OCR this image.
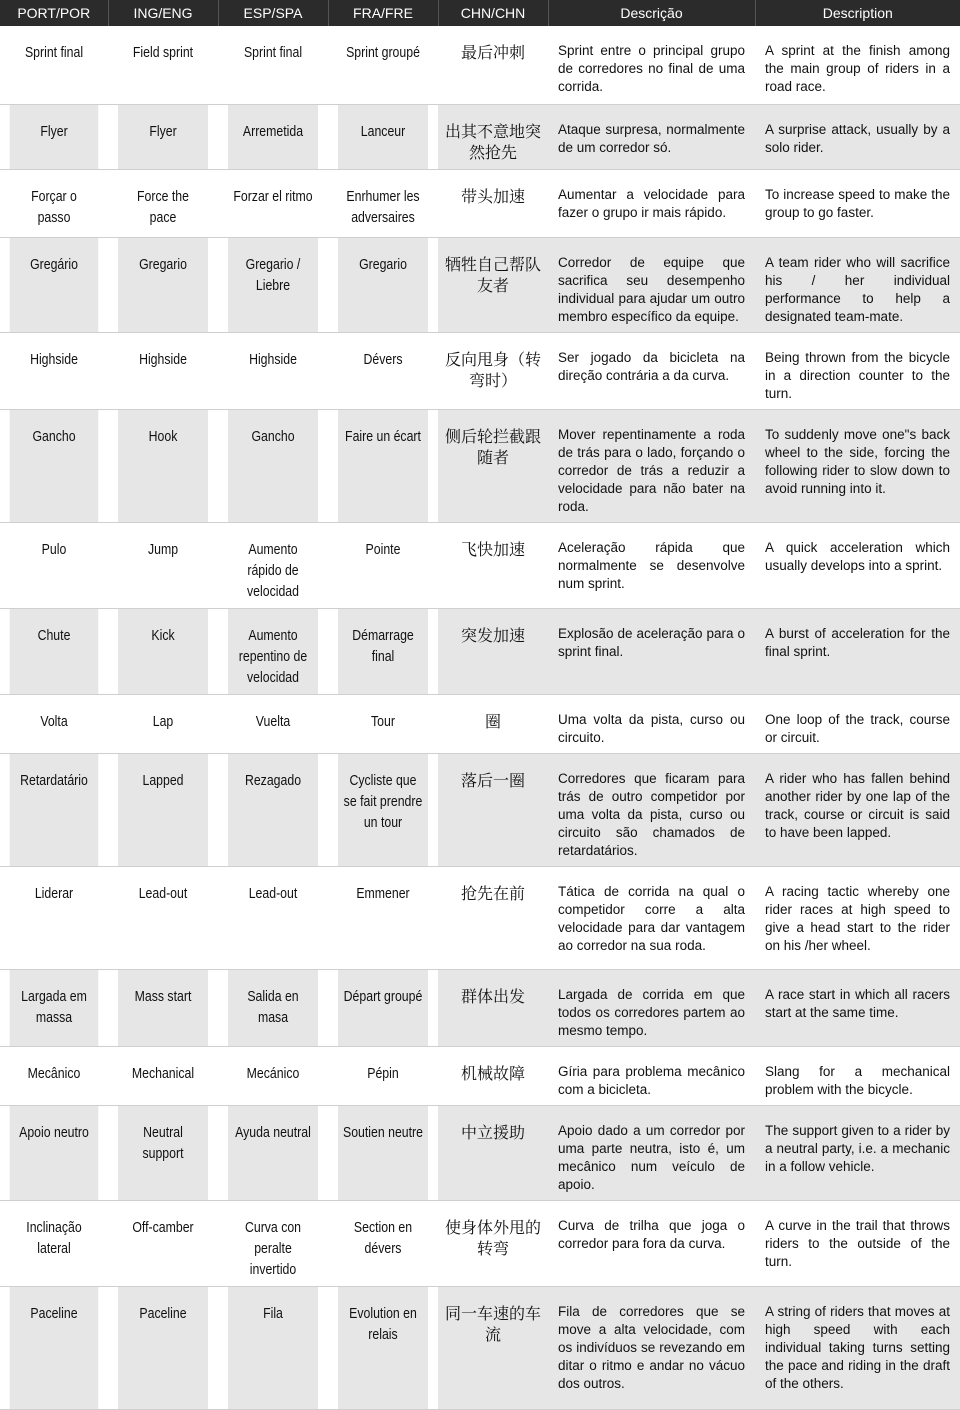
PORT/POR	ING/ENG	ESP/SPA	FRA/FRE	CHN/CHN	Descrição	Description
Sprint final	Field sprint	Sprint final	Sprint groupé	最后冲刺	Sprint entre o principal grupo de corredores no final de uma corrida.	A sprint at the finish among the main group of riders in a road race.
Flyer	Flyer	Arremetida	Lanceur	出其不意地突然抢先	Ataque surpresa, normalmente de um corredor só.	A surprise attack, usually by a solo rider.
Forçar o passo	Force the pace	Forzar el ritmo	Enrhumer les adversaires	带头加速	Aumentar a velocidade para fazer o grupo ir mais rápido.	To increase speed to make the group to go faster.
Gregário	Gregario	Gregario / Liebre	Gregario	牺牲自己帮队友者	Corredor de equipe que sacrifica seu desempenho individual para ajudar um outro membro específico da equipe.	A team rider who will sacrifice his / her individual performance to help a designated team-mate.
Highside	Highside	Highside	Dévers	反向甩身（转弯时）	Ser jogado da bicicleta na direção contrária a da curva.	Being thrown from the bicycle in a direction counter to the turn.
Gancho	Hook	Gancho	Faire un écart	侧后轮拦截跟随者	Mover repentinamente a roda de trás para o lado, forçando o corredor de trás a reduzir a velocidade para não bater na roda.	To suddenly move one"s back wheel to the side, forcing the following rider to slow down to avoid running into it.
Pulo	Jump	Aumento rápido de velocidad	Pointe	飞快加速	Aceleração rápida que normalmente se desenvolve num sprint.	A quick acceleration which usually develops into a sprint.
Chute	Kick	Aumento repentino de velocidad	Démarrage final	突发加速	Explosão de aceleração para o sprint final.	A burst of acceleration for the final sprint.
Volta	Lap	Vuelta	Tour	圈	Uma volta da pista, curso ou circuito.	One loop of the track, course or circuit.
Retardatário	Lapped	Rezagado	Cycliste que se fait prendre un tour	落后一圈	Corredores que ficaram para trás de outro competidor por uma volta da pista, curso ou circuito são chamados de retardatários.	A rider who has fallen behind another rider by one lap of the track, course or circuit is said to have been lapped.
Liderar	Lead-out	Lead-out	Emmener	抢先在前	Tática de corrida na qual o competidor corre a alta velocidade para dar vantagem ao corredor na sua roda.	A racing tactic whereby one rider races at high speed to give a head start to the rider on his /her wheel.
Largada em massa	Mass start	Salida en masa	Départ groupé	群体出发	Largada de corrida em que todos os corredores partem ao mesmo tempo.	A race start in which all racers start at the same time.
Mecânico	Mechanical	Mecánico	Pépin	机械故障	Gíria para problema mecânico com a bicicleta.	Slang for a mechanical problem with the bicycle.
Apoio neutro	Neutral support	Ayuda neutral	Soutien neutre	中立援助	Apoio dado a um corredor por uma parte neutra, isto é, um mecânico num veículo de apoio.	The support given to a rider by a neutral party, i.e. a mechanic in a follow vehicle.
Inclinação lateral	Off-camber	Curva con peralte invertido	Section en dévers	使身体外甩的转弯	Curva de trilha que joga o corredor para fora da curva.	A curve in the trail that throws riders to the outside of the turn.
Paceline	Paceline	Fila	Evolution en relais	同一车速的车流	Fila de corredores que se move a alta velocidade, com os indivíduos se revezando em ditar o ritmo e andar no vácuo dos outros.	A string of riders that moves at high speed with each individual taking turns setting the pace and riding in the draft of the others.
